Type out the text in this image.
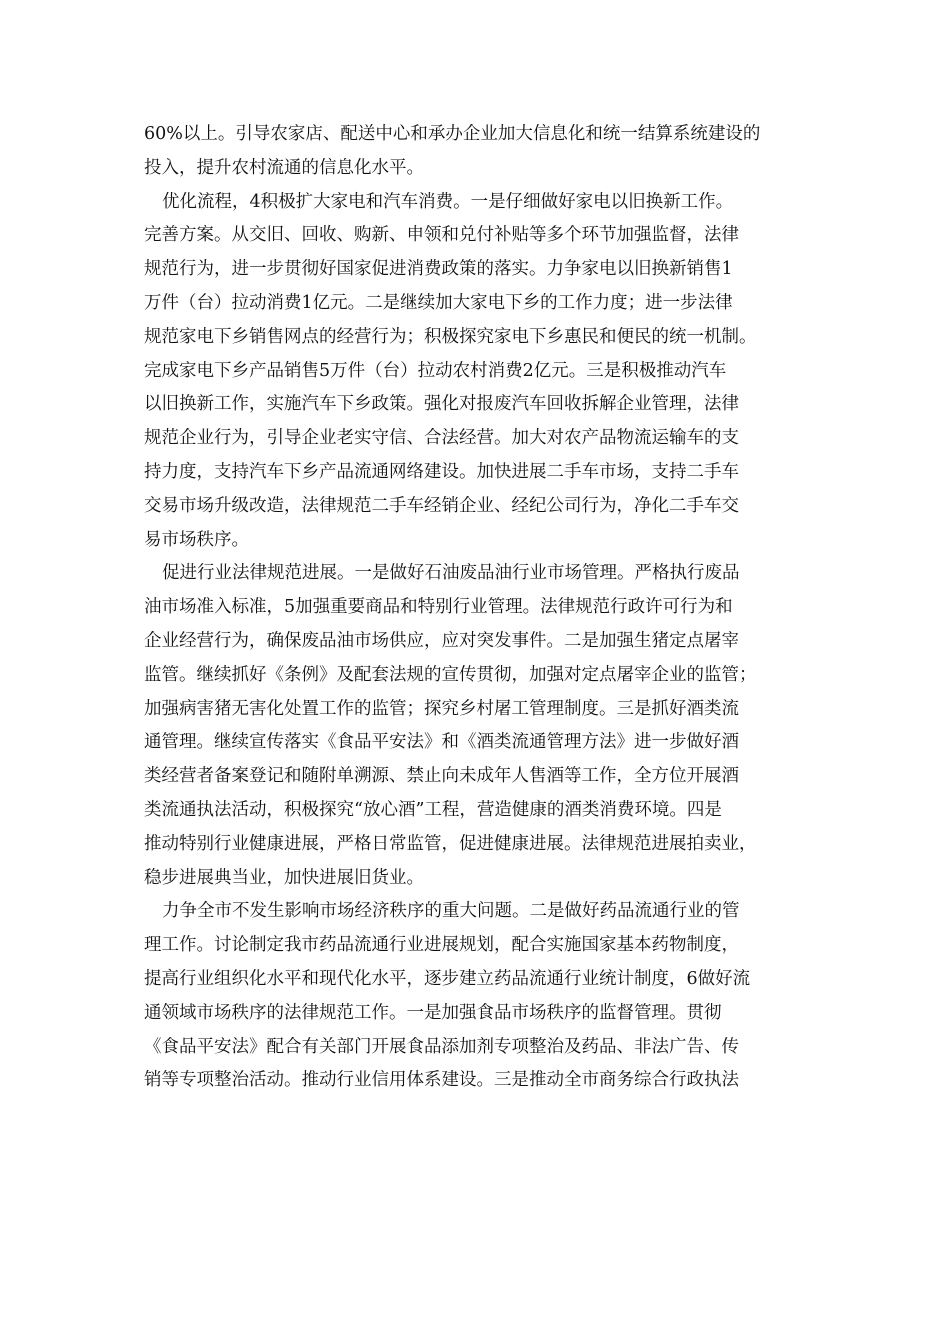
60%以上。引导农家店、配送中心和承办企业加大信息化和统一结算系统建设的
投入，提升农村流通的信息化水平。
优化流程，4积极扩大家电和汽车消费。一是仔细做好家电以旧换新工作。
完善方案。从交旧、回收、购新、申领和兑付补贴等多个环节加强监督，法律
规范行为，进一步贯彻好国家促进消费政策的落实。力争家电以旧换新销售1
万件（台）拉动消费1亿元。二是继续加大家电下乡的工作力度；进一步法律
规范家电下乡销售网点的经营行为；积极探究家电下乡惠民和便民的统一机制。
完成家电下乡产品销售5万件（台）拉动农村消费2亿元。三是积极推动汽车
以旧换新工作，实施汽车下乡政策。强化对报废汽车回收拆解企业管理，法律
规范企业行为，引导企业老实守信、合法经营。加大对农产品物流运输车的支
持力度，支持汽车下乡产品流通网络建设。加快进展二手车市场，支持二手车
交易市场升级改造，法律规范二手车经销企业、经纪公司行为，净化二手车交
易市场秩序。
促进行业法律规范进展。一是做好石油废品油行业市场管理。严格执行废品
油市场准入标准，5加强重要商品和特别行业管理。法律规范行政许可行为和
企业经营行为，确保废品油市场供应，应对突发事件。二是加强生猪定点屠宰
监管。继续抓好《条例》及配套法规的宣传贯彻，加强对定点屠宰企业的监管；
加强病害猪无害化处置工作的监管；探究乡村屠工管理制度。三是抓好酒类流
通管理。继续宣传落实《食品平安法》和《酒类流通管理方法》进一步做好酒
类经营者备案登记和随附单溯源、禁止向未成年人售酒等工作，全方位开展酒
类流通执法活动，积极探究“放心酒”工程，营造健康的酒类消费环境。四是
推动特别行业健康进展，严格日常监管，促进健康进展。法律规范进展拍卖业，
稳步进展典当业，加快进展旧货业。
力争全市不发生影响市场经济秩序的重大问题。二是做好药品流通行业的管
理工作。讨论制定我市药品流通行业进展规划，配合实施国家基本药物制度，
提高行业组织化水平和现代化水平，逐步建立药品流通行业统计制度，6做好流
通领域市场秩序的法律规范工作。一是加强食品市场秩序的监督管理。贯彻
《食品平安法》配合有关部门开展食品添加剂专项整治及药品、非法广告、传
销等专项整治活动。推动行业信用体系建设。三是推动全市商务综合行政执法
